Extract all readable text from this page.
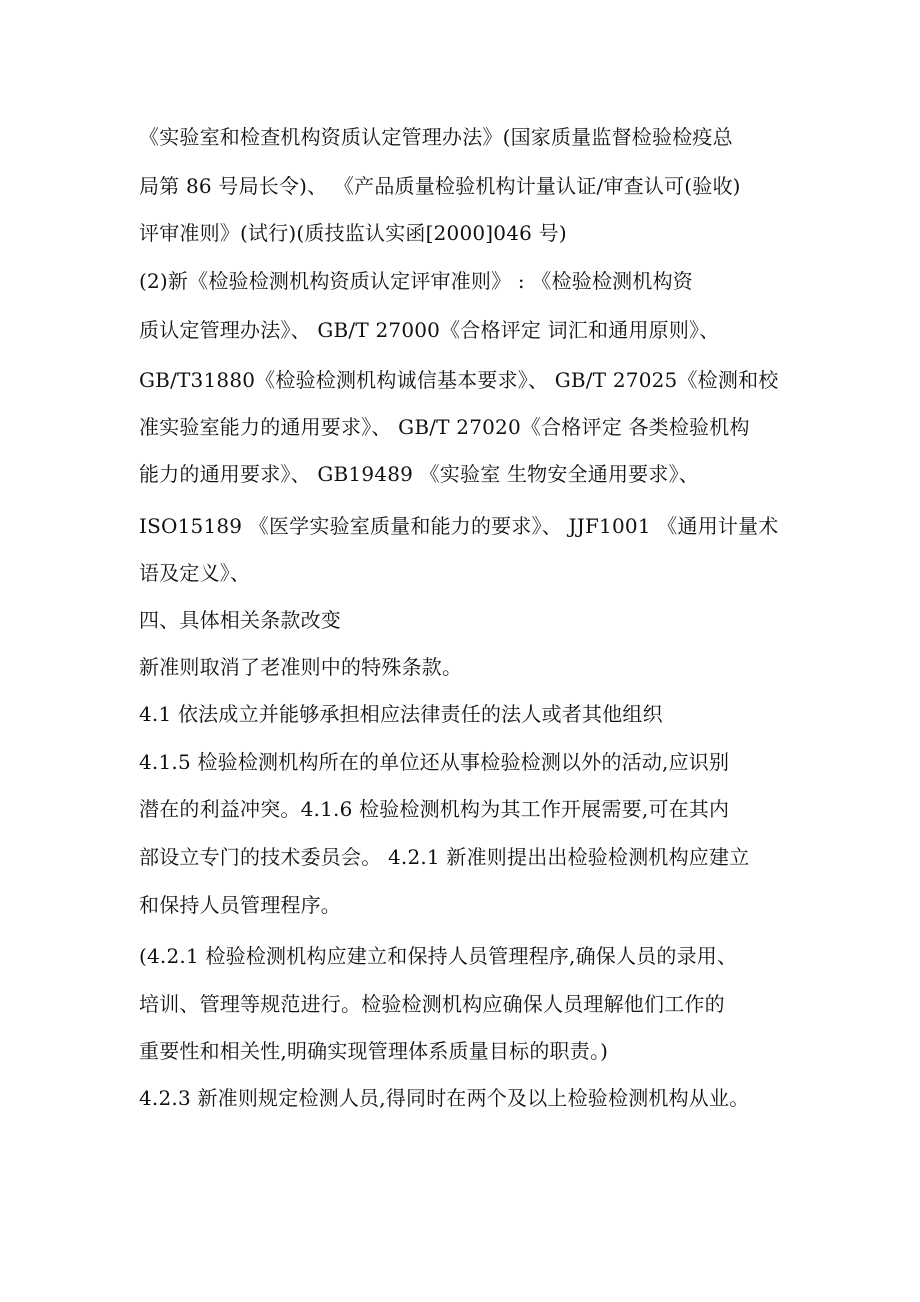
《实验室和检查机构资质认定管理办法》(国家质量监督检验检疫总
局第 86 号局长令)、 《产品质量检验机构计量认证/审查认可(验收)
评审准则》(试行)(质技监认实函[2000]046 号)
(2)新《检验检测机构资质认定评审准则》 : 《检验检测机构资
质认定管理办法》、 GB/T 27000《合格评定 词汇和通用原则》、
GB/T31880《检验检测机构诚信基本要求》、 GB/T 27025《检测和校
准实验室能力的通用要求》、 GB/T 27020《合格评定 各类检验机构
能力的通用要求》、 GB19489 《实验室 生物安全通用要求》、
ISO15189 《医学实验室质量和能力的要求》、 JJF1001 《通用计量术
语及定义》、
四、具体相关条款改变
新准则取消了老准则中的特殊条款。
4.1 依法成立并能够承担相应法律责任的法人或者其他组织
4.1.5 检验检测机构所在的单位还从事检验检测以外的活动,应识别
潜在的利益冲突。4.1.6 检验检测机构为其工作开展需要,可在其内
部设立专门的技术委员会。 4.2.1 新准则提出出检验检测机构应建立
和保持人员管理程序。
(4.2.1 检验检测机构应建立和保持人员管理程序,确保人员的录用、
培训、管理等规范进行。检验检测机构应确保人员理解他们工作的
重要性和相关性,明确实现管理体系质量目标的职责。)
4.2.3 新准则规定检测人员,得同时在两个及以上检验检测机构从业。
